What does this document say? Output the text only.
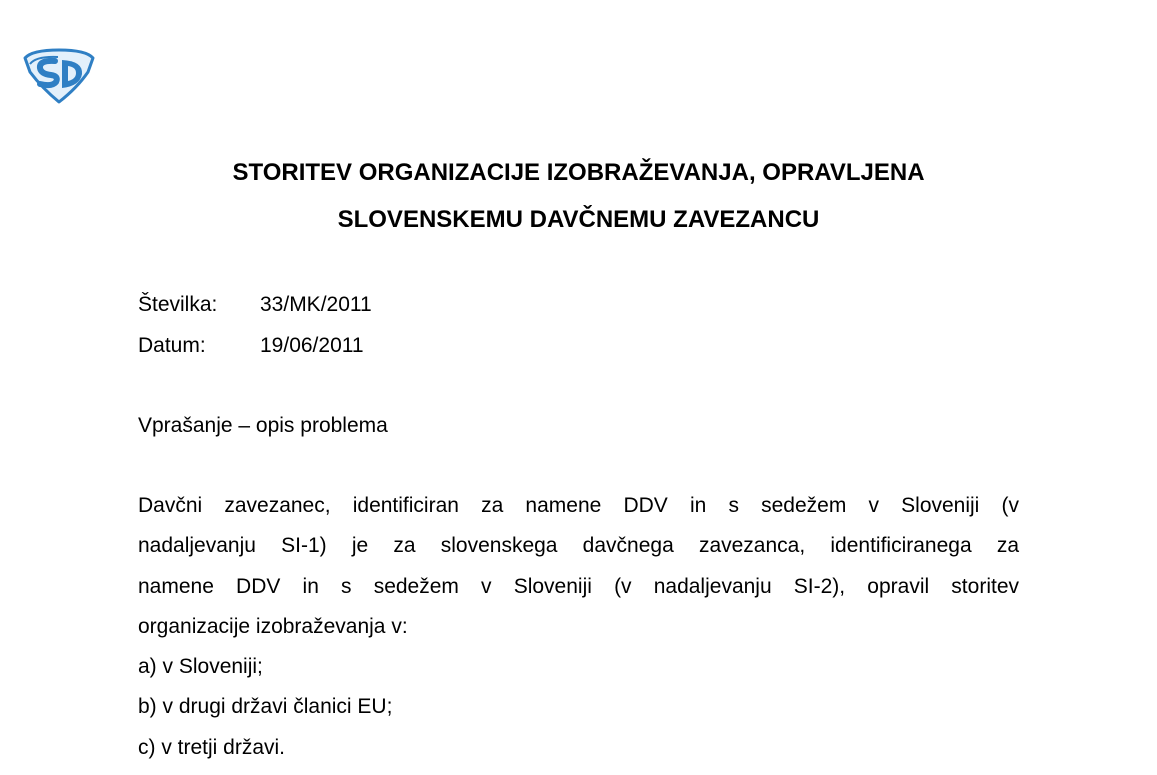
STORITEV ORGANIZACIJE IZOBRAŽEVANJA, OPRAVLJENA
SLOVENSKEMU DAVČNEMU ZAVEZANCU
Številka: 33/MK/2011
Datum:	19/06/2011
Vprašanje – opis problema
Davčni zavezanec, identificiran za namene DDV in s sedežem v Sloveniji (v
nadaljevanju SI-1) je za slovenskega davčnega zavezanca, identificiranega za
namene DDV in s sedežem v Sloveniji (v nadaljevanju SI-2), opravil storitev
organizacije izobraževanja v:
a) v Sloveniji;
b) v drugi državi članici EU;
c) v tretji državi.
